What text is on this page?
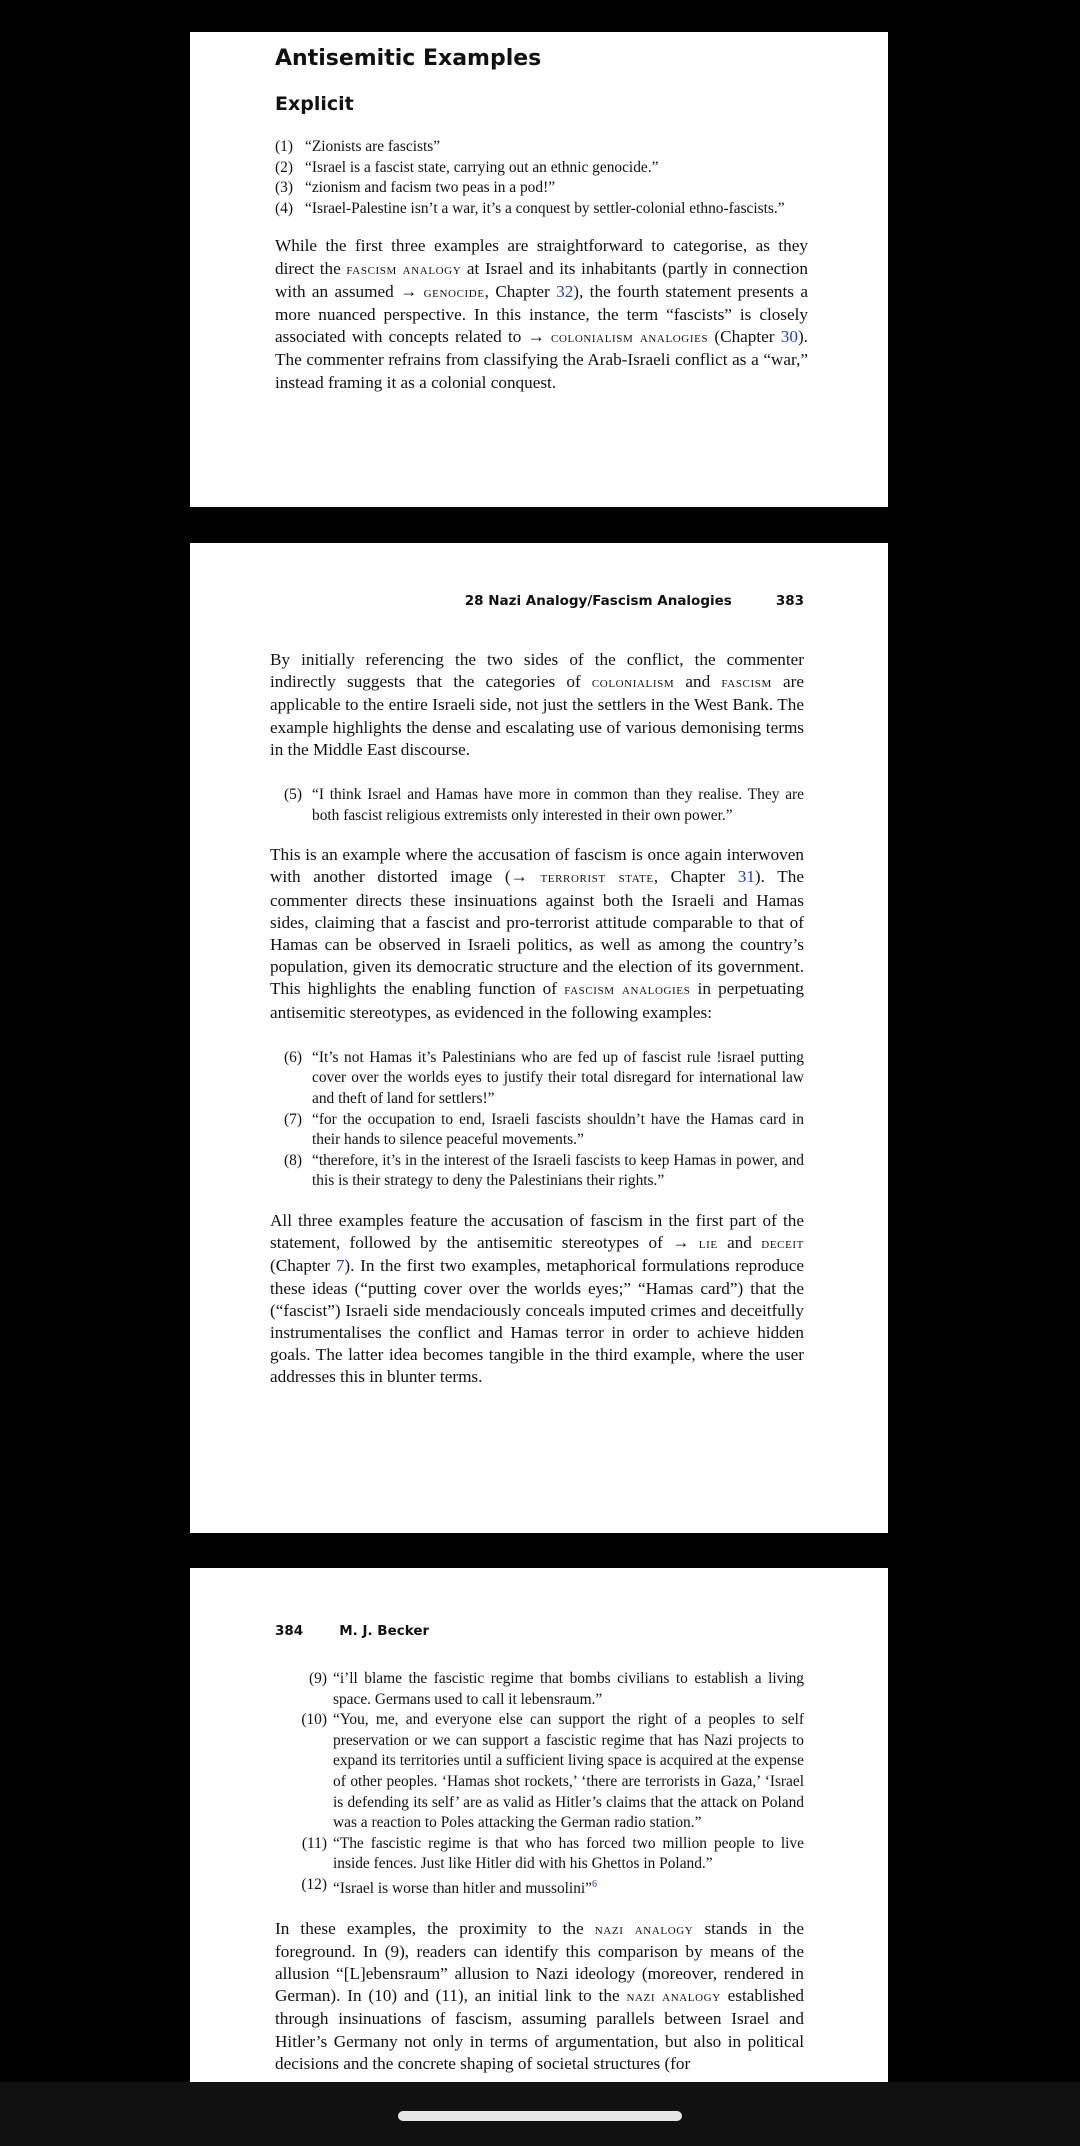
Antisemitic Examples
Explicit
(1) “Zionists are fascists”
(2) “Israel is a fascist state, carrying out an ethnic genocide.”
(3) “zionism and facism two peas in a pod!”
(4) “Israel-Palestine isn’t a war, it’s a conquest by settler-colonial ethno-fascists.”

While the first three examples are straightforward to categorise, as they direct the fascism analogy at Israel and its inhabitants (partly in connection with an assumed → genocide, Chapter 32), the fourth statement presents a more nuanced perspective. In this instance, the term “fascists” is closely associated with concepts related to → colonialism analogies (Chapter 30). The commenter refrains from classifying the Arab-Israeli conflict as a “war,” instead framing it as a colonial conquest.

28 Nazi Analogy/Fascism Analogies	383

By initially referencing the two sides of the conflict, the commenter indirectly suggests that the categories of colonialism and fascism are applicable to the entire Israeli side, not just the settlers in the West Bank. The example highlights the dense and escalating use of various demonising terms in the Middle East discourse.

(5) “I think Israel and Hamas have more in common than they realise. They are both fascist religious extremists only interested in their own power.”

This is an example where the accusation of fascism is once again interwoven with another distorted image (→ terrorist state, Chapter 31). The commenter directs these insinuations against both the Israeli and Hamas sides, claiming that a fascist and pro-terrorist attitude comparable to that of Hamas can be observed in Israeli politics, as well as among the country’s population, given its democratic structure and the election of its government. This highlights the enabling function of fascism analogies in perpetuating antisemitic stereotypes, as evidenced in the following examples:

(6) “It’s not Hamas it’s Palestinians who are fed up of fascist rule !israel putting cover over the worlds eyes to justify their total disregard for international law and theft of land for settlers!”
(7) “for the occupation to end, Israeli fascists shouldn’t have the Hamas card in their hands to silence peaceful movements.”
(8) “therefore, it’s in the interest of the Israeli fascists to keep Hamas in power, and this is their strategy to deny the Palestinians their rights.”

All three examples feature the accusation of fascism in the first part of the statement, followed by the antisemitic stereotypes of → lie and deceit (Chapter 7). In the first two examples, metaphorical formulations reproduce these ideas (“putting cover over the worlds eyes;” “Hamas card”) that the (“fascist”) Israeli side mendaciously conceals imputed crimes and deceitfully instrumentalises the conflict and Hamas terror in order to achieve hidden goals. The latter idea becomes tangible in the third example, where the user addresses this in blunter terms.

384	M. J. Becker
(9) “i’ll blame the fascistic regime that bombs civilians to establish a living space. Germans used to call it lebensraum.”
(10) “You, me, and everyone else can support the right of a peoples to self preservation or we can support a fascistic regime that has Nazi projects to expand its territories until a sufficient living space is acquired at the expense of other peoples. ‘Hamas shot rockets,’ ‘there are terrorists in Gaza,’ ‘Israel is defending its self’ are as valid as Hitler’s claims that the attack on Poland was a reaction to Poles attacking the German radio station.”
(11) “The fascistic regime is that who has forced two million people to live inside fences. Just like Hitler did with his Ghettos in Poland.”
(12) “Israel is worse than hitler and mussolini”$^6$

In these examples, the proximity to the nazi analogy stands in the foreground. In (9), readers can identify this comparison by means of the allusion “[L]ebensraum” allusion to Nazi ideology (moreover, rendered in German). In (10) and (11), an initial link to the nazi analogy established through insinuations of fascism, assuming parallels between Israel and Hitler’s Germany not only in terms of argumentation, but also in political decisions and the concrete shaping of societal structures (for
